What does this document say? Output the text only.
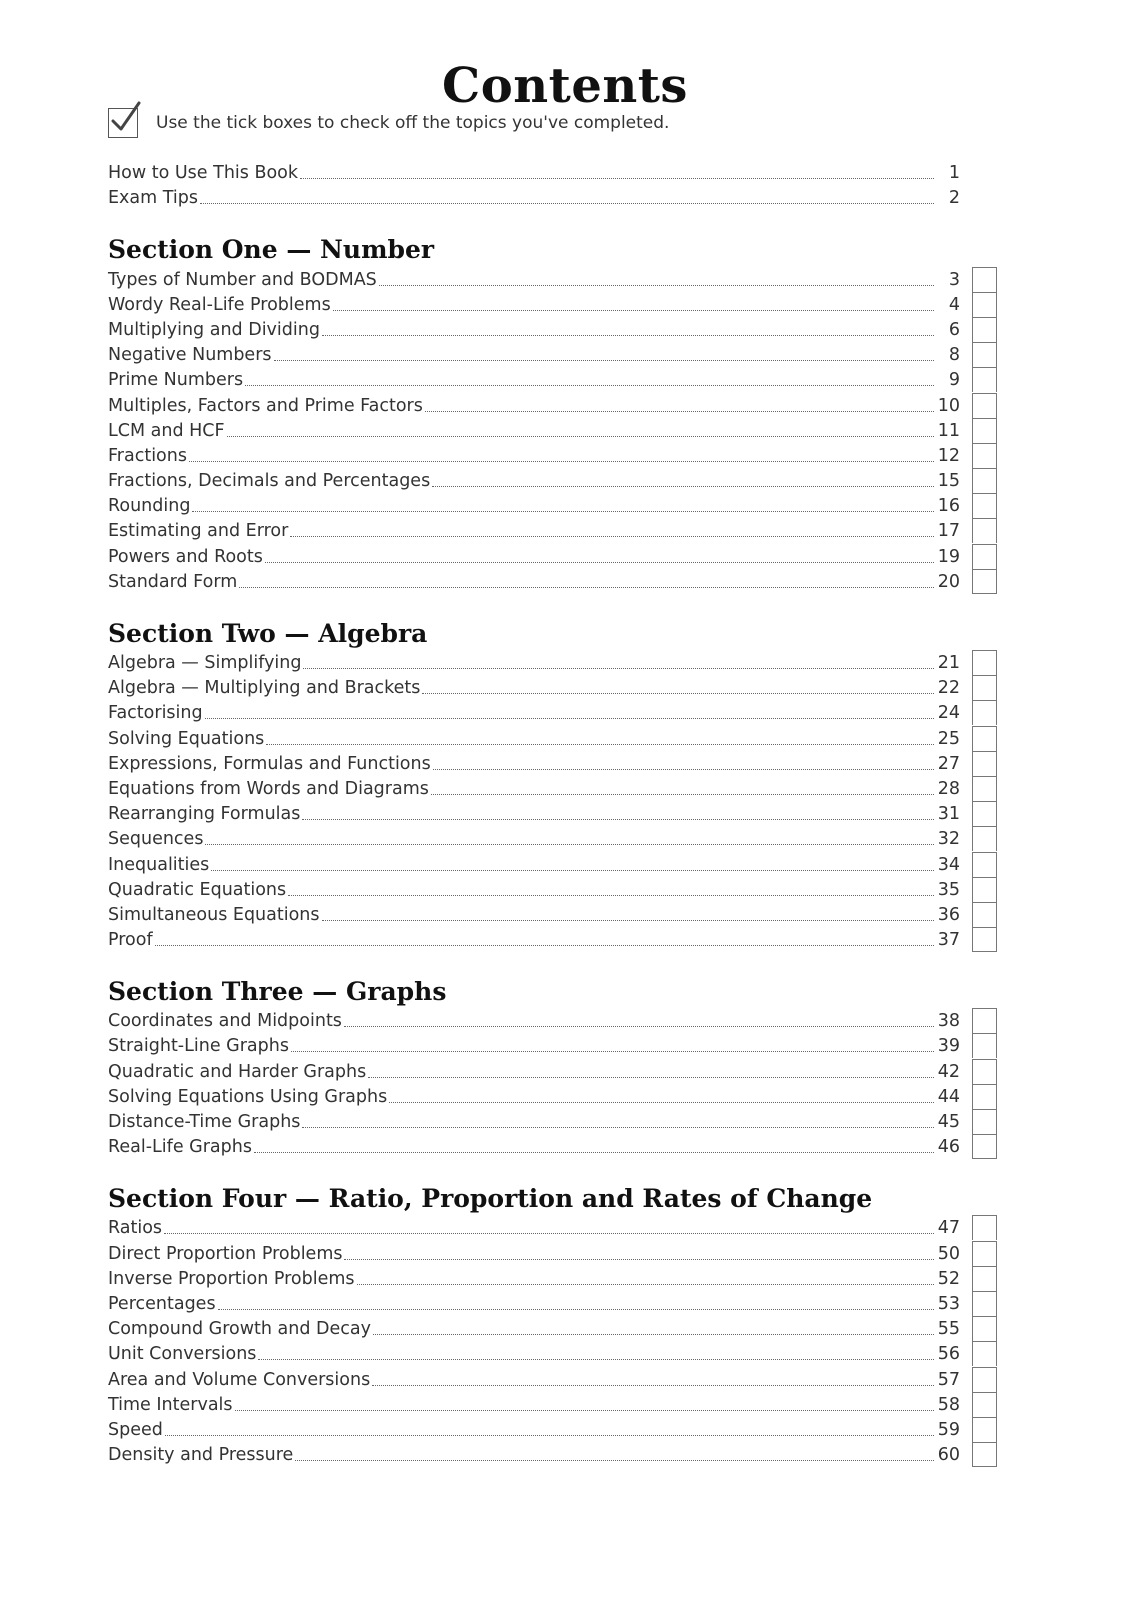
Contents
Use the tick boxes to check off the topics you've completed.
How to Use This Book	1
Exam Tips	2
Section One — Number
Types of Number and BODMAS	3
Wordy Real-Life Problems	4
Multiplying and Dividing	6
Negative Numbers	8
Prime Numbers	9
Multiples, Factors and Prime Factors	10
LCM and HCF	11
Fractions	12
Fractions, Decimals and Percentages	15
Rounding	16
Estimating and Error	17
Powers and Roots	19
Standard Form	20
Section Two — Algebra
Algebra — Simplifying	21
Algebra — Multiplying and Brackets	22
Factorising	24
Solving Equations	25
Expressions, Formulas and Functions	27
Equations from Words and Diagrams	28
Rearranging Formulas	31
Sequences	32
Inequalities	34
Quadratic Equations	35
Simultaneous Equations	36
Proof	37
Section Three — Graphs
Coordinates and Midpoints	38
Straight-Line Graphs	39
Quadratic and Harder Graphs	42
Solving Equations Using Graphs	44
Distance-Time Graphs	45
Real-Life Graphs	46
Section Four — Ratio, Proportion and Rates of Change
Ratios	47
Direct Proportion Problems	50
Inverse Proportion Problems	52
Percentages	53
Compound Growth and Decay	55
Unit Conversions	56
Area and Volume Conversions	57
Time Intervals	58
Speed	59
Density and Pressure	60
